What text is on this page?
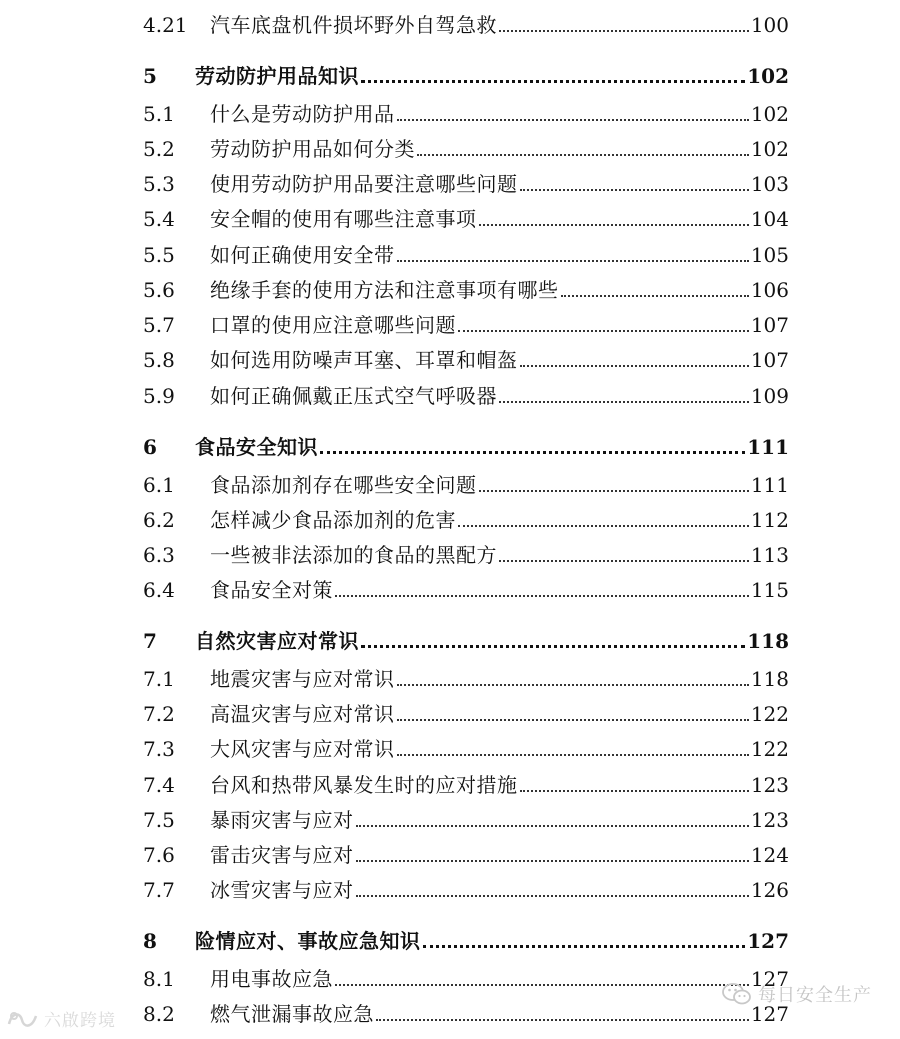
4.21	汽车底盘机件损坏野外自驾急救	100
5	劳动防护用品知识	102
5.1	什么是劳动防护用品	102
5.2	劳动防护用品如何分类	102
5.3	使用劳动防护用品要注意哪些问题	103
5.4	安全帽的使用有哪些注意事项	104
5.5	如何正确使用安全带	105
5.6	绝缘手套的使用方法和注意事项有哪些	106
5.7	口罩的使用应注意哪些问题	107
5.8	如何选用防噪声耳塞、耳罩和帽盔	107
5.9	如何正确佩戴正压式空气呼吸器	109
6	食品安全知识	111
6.1	食品添加剂存在哪些安全问题	111
6.2	怎样减少食品添加剂的危害	112
6.3	一些被非法添加的食品的黑配方	113
6.4	食品安全对策	115
7	自然灾害应对常识	118
7.1	地震灾害与应对常识	118
7.2	高温灾害与应对常识	122
7.3	大风灾害与应对常识	122
7.4	台风和热带风暴发生时的应对措施	123
7.5	暴雨灾害与应对	123
7.6	雷击灾害与应对	124
7.7	冰雪灾害与应对	126
8	险情应对、事故应急知识	127
8.1	用电事故应急	127
8.2	燃气泄漏事故应急	127
六啟跨境
每日安全生产
